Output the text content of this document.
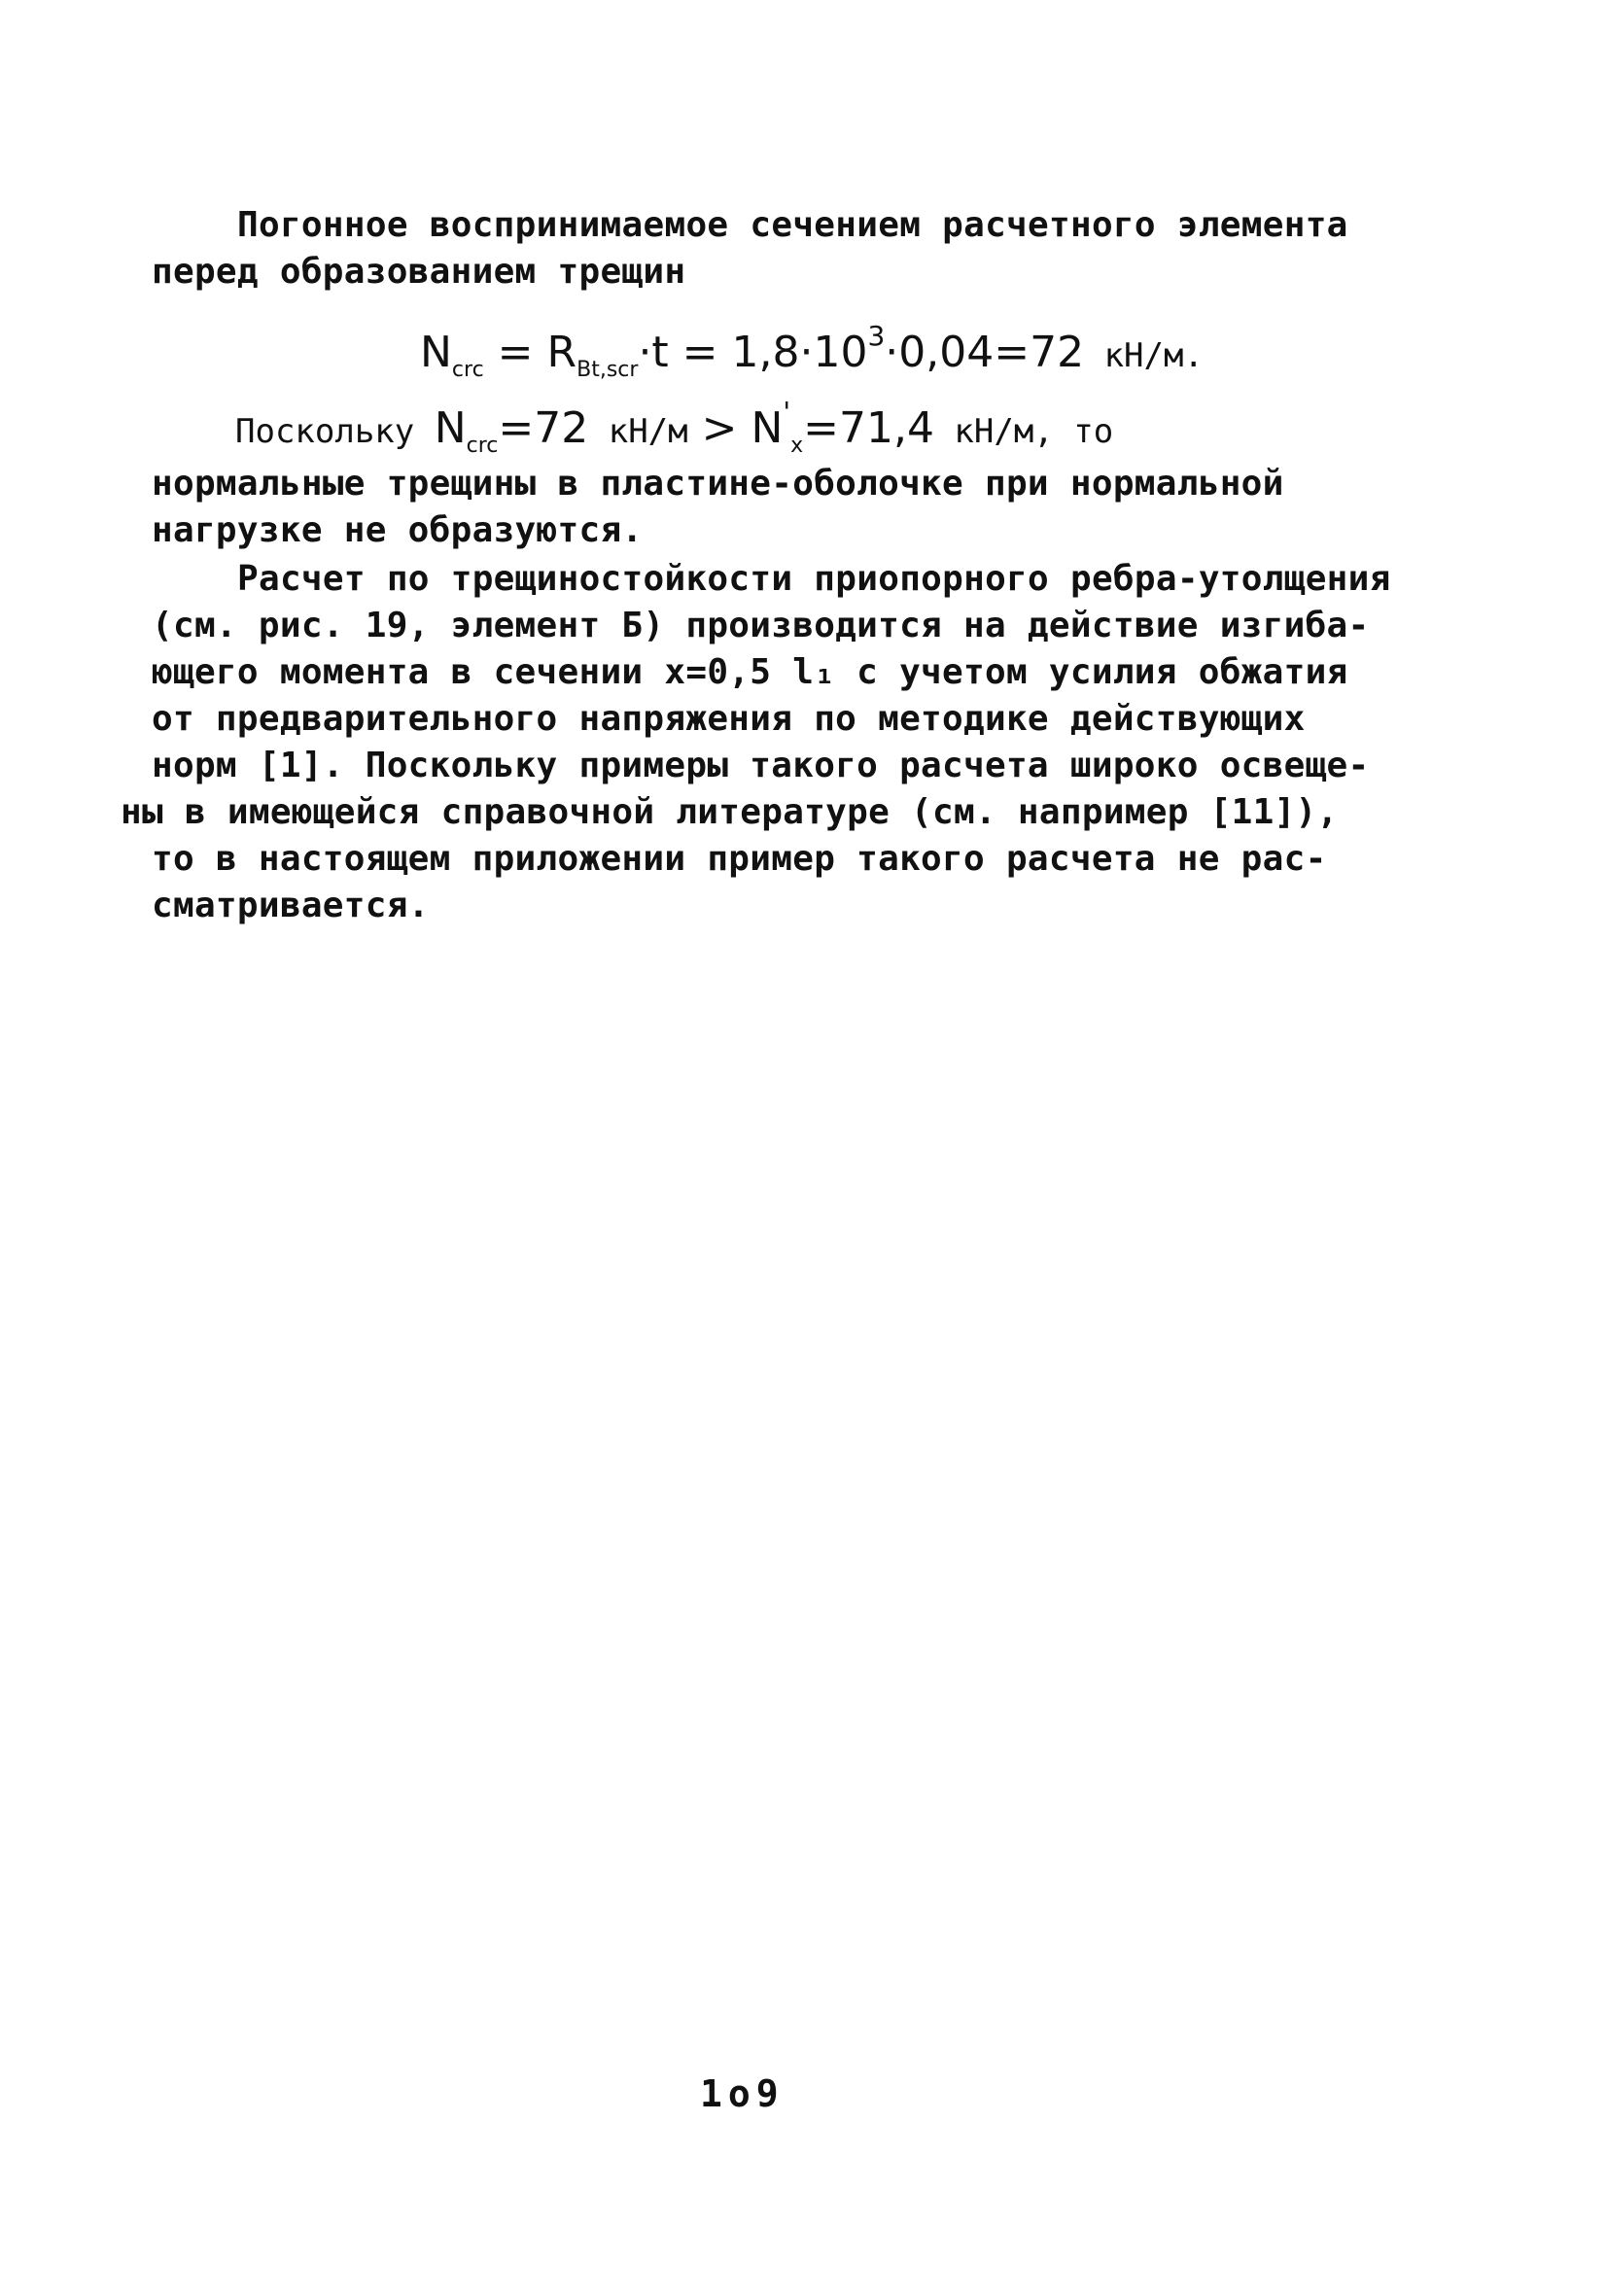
Погонное воспринимаемое сечением расчетного элемента
перед образованием трещин
$N_{crc} = R_{Bt,scr}\cdot t = 1,8\cdot 10^3\cdot 0,04=72$ кН/м.
Поскольку $N_{crc}=72$ $кН/м > N'_x=71,4$ кН/м, то
нормальные трещины в пластине-оболочке при нормальной
нагрузке не образуются.
Расчет по трещиностойкости приопорного ребра-утолщения
(см. рис. 19, элемент Б) производится на действие изгиба-
ющего момента в сечении x=0,5 l₁ с учетом усилия обжатия
от предварительного напряжения по методике действующих
норм [1]. Поскольку примеры такого расчета широко освеще-
ны в имеющейся справочной литературе (см. например [11]),
то в настоящем приложении пример такого расчета не рас-
сматривается.
1о9
